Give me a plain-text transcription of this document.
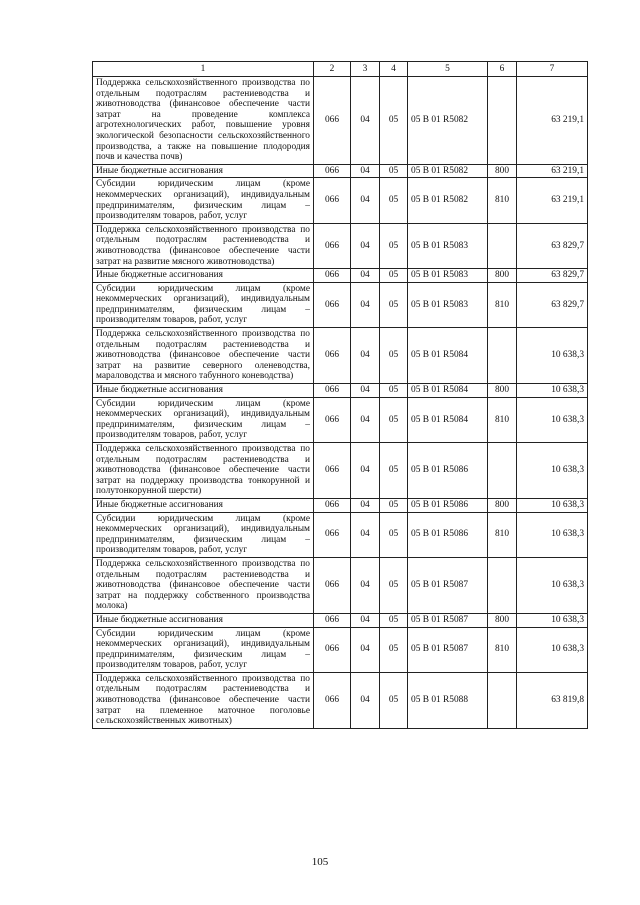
1	2	3	4	5	6	7
Поддержка сельскохозяйственного производства по отдельным подотраслям растениеводства и животноводства (финансовое обеспечение части затрат на проведение комплекса агротехнологических работ, повышение уровня экологической безопасности сельскохозяйственного производства, а также на повышение плодородия почв и качества почв)	066	04	05	05 В 01 R5082		63 219,1
Иные бюджетные ассигнования	066	04	05	05 В 01 R5082	800	63 219,1
Субсидии юридическим лицам (кроме некоммерческих организаций), индивидуальным предпринимателям, физическим лицам – производителям товаров, работ, услуг	066	04	05	05 В 01 R5082	810	63 219,1
Поддержка сельскохозяйственного производства по отдельным подотраслям растениеводства и животноводства (финансовое обеспечение части затрат на развитие мясного животноводства)	066	04	05	05 В 01 R5083		63 829,7
Иные бюджетные ассигнования	066	04	05	05 В 01 R5083	800	63 829,7
Субсидии юридическим лицам (кроме некоммерческих организаций), индивидуальным предпринимателям, физическим лицам – производителям товаров, работ, услуг	066	04	05	05 В 01 R5083	810	63 829,7
Поддержка сельскохозяйственного производства по отдельным подотраслям растениеводства и животноводства (финансовое обеспечение части затрат на развитие северного оленеводства, мараловодства и мясного табунного коневодства)	066	04	05	05 В 01 R5084		10 638,3
Иные бюджетные ассигнования	066	04	05	05 В 01 R5084	800	10 638,3
Субсидии юридическим лицам (кроме некоммерческих организаций), индивидуальным предпринимателям, физическим лицам – производителям товаров, работ, услуг	066	04	05	05 В 01 R5084	810	10 638,3
Поддержка сельскохозяйственного производства по отдельным подотраслям растениеводства и животноводства (финансовое обеспечение части затрат на поддержку производства тонкорунной и полутонкорунной шерсти)	066	04	05	05 В 01 R5086		10 638,3
Иные бюджетные ассигнования	066	04	05	05 В 01 R5086	800	10 638,3
Субсидии юридическим лицам (кроме некоммерческих организаций), индивидуальным предпринимателям, физическим лицам – производителям товаров, работ, услуг	066	04	05	05 В 01 R5086	810	10 638,3
Поддержка сельскохозяйственного производства по отдельным подотраслям растениеводства и животноводства (финансовое обеспечение части затрат на поддержку собственного производства молока)	066	04	05	05 В 01 R5087		10 638,3
Иные бюджетные ассигнования	066	04	05	05 В 01 R5087	800	10 638,3
Субсидии юридическим лицам (кроме некоммерческих организаций), индивидуальным предпринимателям, физическим лицам – производителям товаров, работ, услуг	066	04	05	05 В 01 R5087	810	10 638,3
Поддержка сельскохозяйственного производства по отдельным подотраслям растениеводства и животноводства (финансовое обеспечение части затрат на племенное маточное поголовье сельскохозяйственных животных)	066	04	05	05 В 01 R5088		63 819,8
105
